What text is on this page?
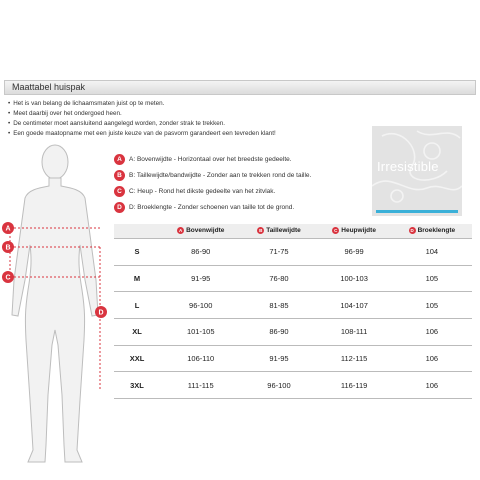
Maattabel huispak
• Het is van belang de lichaamsmaten juist op te meten.
• Meet daarbij over het ondergoed heen.
• De centimeter moet aansluitend aangelegd worden, zonder strak te trekken.
• Een goede maatopname met een juiste keuze van de pasvorm garandeert een tevreden klant!
Irresistible
A
B
C
D
A A: Bovenwijdte - Horizontaal over het breedste gedeelte.
B B: Taillewijdte/bandwijdte - Zonder aan te trekken rond de taille.
C C: Heup - Rond het dikste gedeelte van het zitvlak.
D D: Broeklengte - Zonder schoenen van taille tot de grond.
	A Bovenwijdte	B Taillewijdte	C Heupwijdte	D Broeklengte
S	86-90	71-75	96-99	104
M	91-95	76-80	100-103	105
L	96-100	81-85	104-107	105
XL	101-105	86-90	108-111	106
XXL	106-110	91-95	112-115	106
3XL	111-115	96-100	116-119	106
